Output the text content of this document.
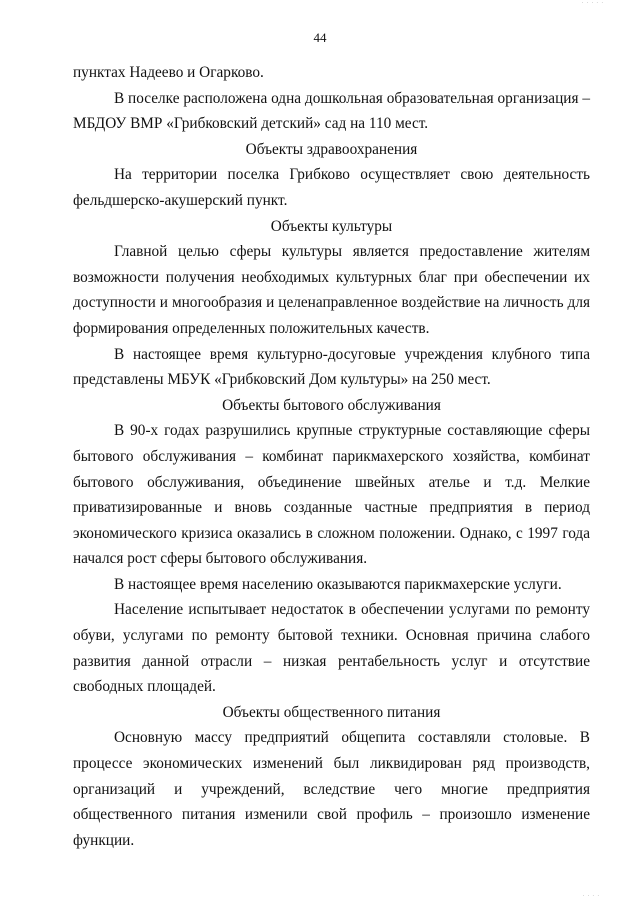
· · · · ·
44

пунктах Надеево и Огарково.

В поселке расположена одна дошкольная образовательная организация – МБДОУ ВМР «Грибковский детский» сад на 110 мест.

Объекты здравоохранения

На территории поселка Грибково осуществляет свою деятельность фельдшерско-акушерский пункт.

Объекты культуры

Главной целью сферы культуры является предоставление жителям возможности получения необходимых культурных благ при обеспечении их доступности и многообразия и целенаправленное воздействие на личность для формирования определенных положительных качеств.

В настоящее время культурно-досуговые учреждения клубного типа представлены МБУК «Грибковский Дом культуры» на 250 мест.

Объекты бытового обслуживания

В 90-х годах разрушились крупные структурные составляющие сферы бытового обслуживания – комбинат парикмахерского хозяйства, комбинат бытового обслуживания, объединение швейных ателье и т.д. Мелкие приватизированные и вновь созданные частные предприятия в период экономического кризиса оказались в сложном положении. Однако, с 1997 года начался рост сферы бытового обслуживания.

В настоящее время населению оказываются парикмахерские услуги.

Население испытывает недостаток в обеспечении услугами по ремонту обуви, услугами по ремонту бытовой техники. Основная причина слабого развития данной отрасли – низкая рентабельность услуг и отсутствие свободных площадей.

Объекты общественного питания

Основную массу предприятий общепита составляли столовые. В процессе экономических изменений был ликвидирован ряд производств, организаций и учреждений, вследствие чего многие предприятия общественного питания изменили свой профиль – произошло изменение функции.

· · · ·
